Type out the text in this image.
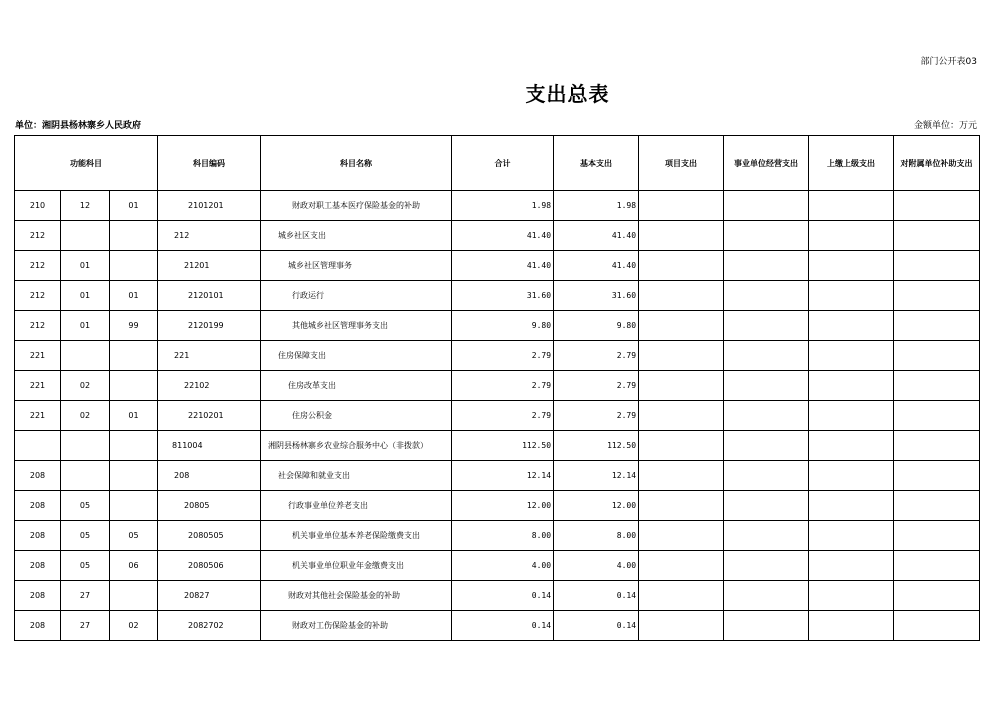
部门公开表03
支出总表
单位：湘阴县杨林寨乡人民政府	金额单位：万元
功能科目			科目编码	科目名称	合计	基本支出	项目支出	事业单位经营支出	上缴上级支出	对附属单位补助支出
210	12	01	2101201	财政对职工基本医疗保险基金的补助	1.98	1.98				
212			212	城乡社区支出	41.40	41.40				
212	01		21201	城乡社区管理事务	41.40	41.40				
212	01	01	2120101	行政运行	31.60	31.60				
212	01	99	2120199	其他城乡社区管理事务支出	9.80	9.80				
221			221	住房保障支出	2.79	2.79				
221	02		22102	住房改革支出	2.79	2.79				
221	02	01	2210201	住房公积金	2.79	2.79				
			811004	湘阴县杨林寨乡农业综合服务中心（非拨款）	112.50	112.50				
208			208	社会保障和就业支出	12.14	12.14				
208	05		20805	行政事业单位养老支出	12.00	12.00				
208	05	05	2080505	机关事业单位基本养老保险缴费支出	8.00	8.00				
208	05	06	2080506	机关事业单位职业年金缴费支出	4.00	4.00				
208	27		20827	财政对其他社会保险基金的补助	0.14	0.14				
208	27	02	2082702	财政对工伤保险基金的补助	0.14	0.14				
